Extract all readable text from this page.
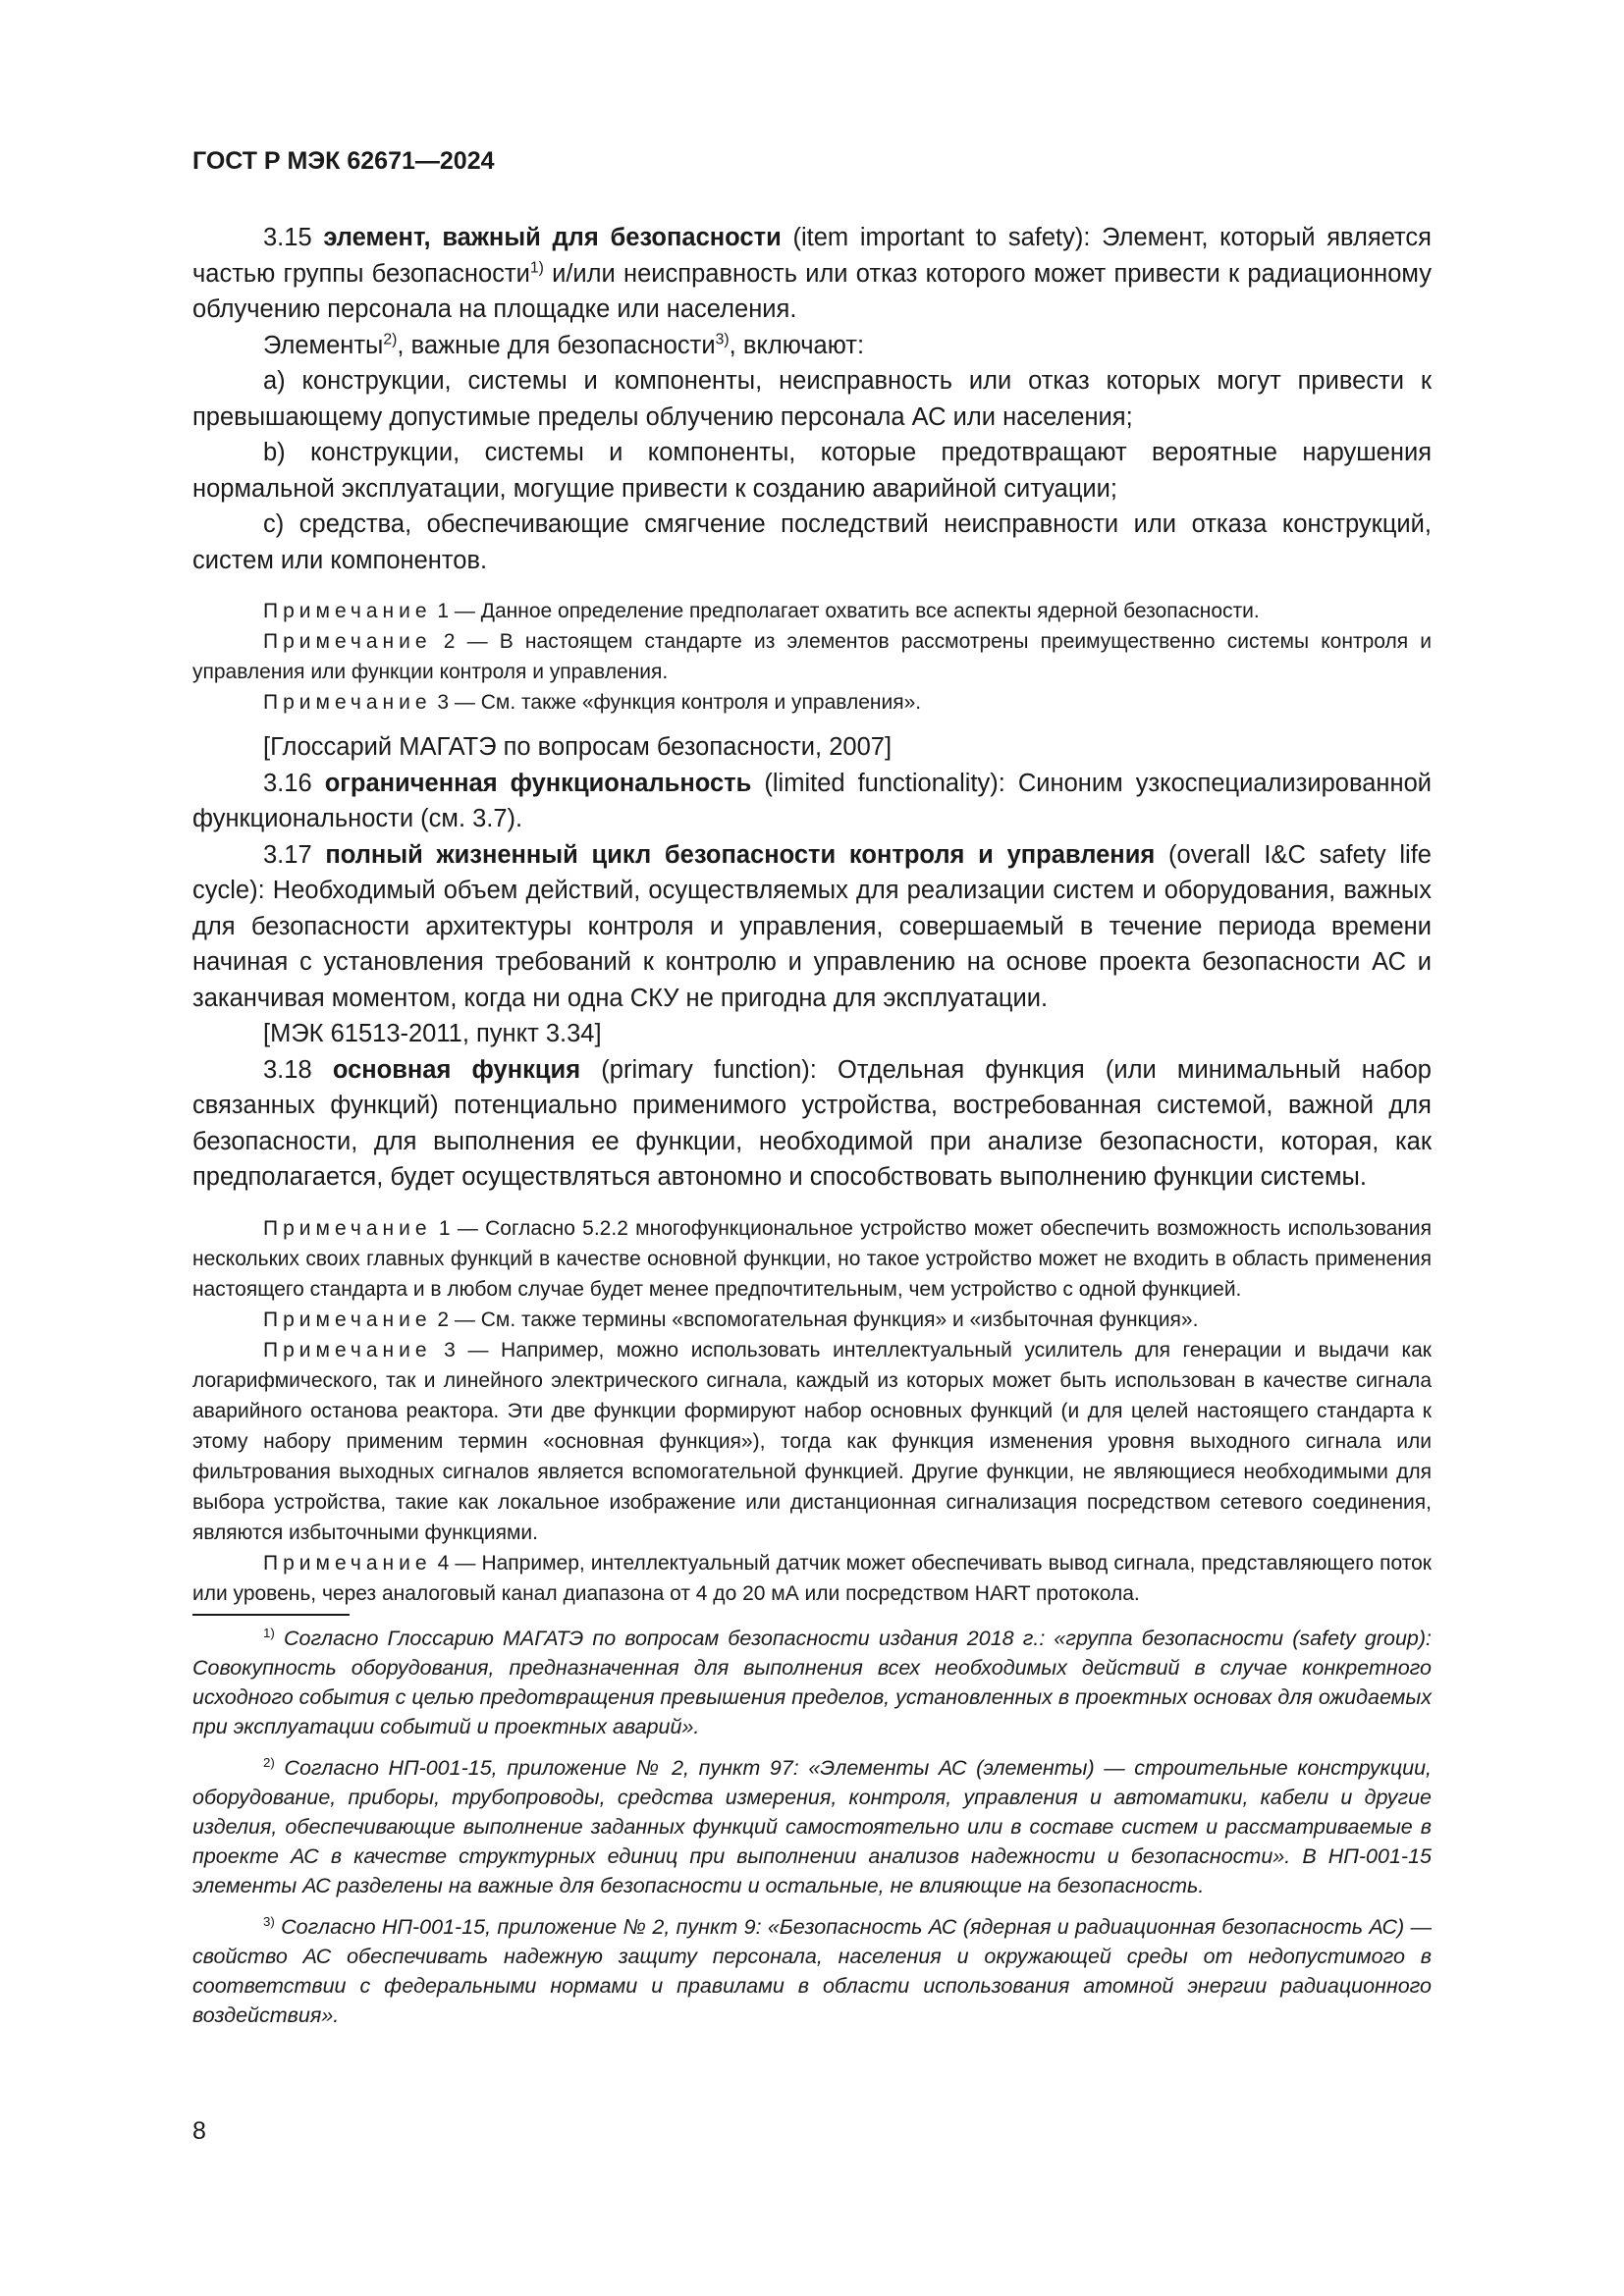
ГОСТ Р МЭК 62671—2024

3.15 элемент, важный для безопасности (item important to safety): Элемент, который является частью группы безопасности$^{1)}$ и/или неисправность или отказ которого может привести к радиационному облучению персонала на площадке или населения.

Элементы$^{2)}$, важные для безопасности$^{3)}$, включают:

a) конструкции, системы и компоненты, неисправность или отказ которых могут привести к превышающему допустимые пределы облучению персонала АС или населения;

b) конструкции, системы и компоненты, которые предотвращают вероятные нарушения нормальной эксплуатации, могущие привести к созданию аварийной ситуации;

c) средства, обеспечивающие смягчение последствий неисправности или отказа конструкций, систем или компонентов.

Примечание 1 — Данное определение предполагает охватить все аспекты ядерной безопасности.

Примечание 2 — В настоящем стандарте из элементов рассмотрены преимущественно системы контроля и управления или функции контроля и управления.

Примечание 3 — См. также «функция контроля и управления».

[Глоссарий МАГАТЭ по вопросам безопасности, 2007]

3.16 ограниченная функциональность (limited functionality): Синоним узкоспециализированной функциональности (см. 3.7).

3.17 полный жизненный цикл безопасности контроля и управления (overall I&C safety life cycle): Необходимый объем действий, осуществляемых для реализации систем и оборудования, важных для безопасности архитектуры контроля и управления, совершаемый в течение периода времени начиная с установления требований к контролю и управлению на основе проекта безопасности АС и заканчивая моментом, когда ни одна СКУ не пригодна для эксплуатации.

[МЭК 61513-2011, пункт 3.34]

3.18 основная функция (primary function): Отдельная функция (или минимальный набор связанных функций) потенциально применимого устройства, востребованная системой, важной для безопасности, для выполнения ее функции, необходимой при анализе безопасности, которая, как предполагается, будет осуществляться автономно и способствовать выполнению функции системы.

Примечание 1 — Согласно 5.2.2 многофункциональное устройство может обеспечить возможность использования нескольких своих главных функций в качестве основной функции, но такое устройство может не входить в область применения настоящего стандарта и в любом случае будет менее предпочтительным, чем устройство с одной функцией.

Примечание 2 — См. также термины «вспомогательная функция» и «избыточная функция».

Примечание 3 — Например, можно использовать интеллектуальный усилитель для генерации и выдачи как логарифмического, так и линейного электрического сигнала, каждый из которых может быть использован в качестве сигнала аварийного останова реактора. Эти две функции формируют набор основных функций (и для целей настоящего стандарта к этому набору применим термин «основная функция»), тогда как функция изменения уровня выходного сигнала или фильтрования выходных сигналов является вспомогательной функцией. Другие функции, не являющиеся необходимыми для выбора устройства, такие как локальное изображение или дистанционная сигнализация посредством сетевого соединения, являются избыточными функциями.

Примечание 4 — Например, интеллектуальный датчик может обеспечивать вывод сигнала, представляющего поток или уровень, через аналоговый канал диапазона от 4 до 20 мА или посредством HART протокола.

$^{1)}$ Согласно Глоссарию МАГАТЭ по вопросам безопасности издания 2018 г.: «группа безопасности (safety group): Совокупность оборудования, предназначенная для выполнения всех необходимых действий в случае конкретного исходного события с целью предотвращения превышения пределов, установленных в проектных основах для ожидаемых при эксплуатации событий и проектных аварий».

$^{2)}$ Согласно НП-001-15, приложение № 2, пункт 97: «Элементы АС (элементы) — строительные конструкции, оборудование, приборы, трубопроводы, средства измерения, контроля, управления и автоматики, кабели и другие изделия, обеспечивающие выполнение заданных функций самостоятельно или в составе систем и рассматриваемые в проекте АС в качестве структурных единиц при выполнении анализов надежности и безопасности». В НП-001-15 элементы АС разделены на важные для безопасности и остальные, не влияющие на безопасность.

$^{3)}$ Согласно НП-001-15, приложение № 2, пункт 9: «Безопасность АС (ядерная и радиационная безопасность АС) — свойство АС обеспечивать надежную защиту персонала, населения и окружающей среды от недопустимого в соответствии с федеральными нормами и правилами в области использования атомной энергии радиационного воздействия».

8
